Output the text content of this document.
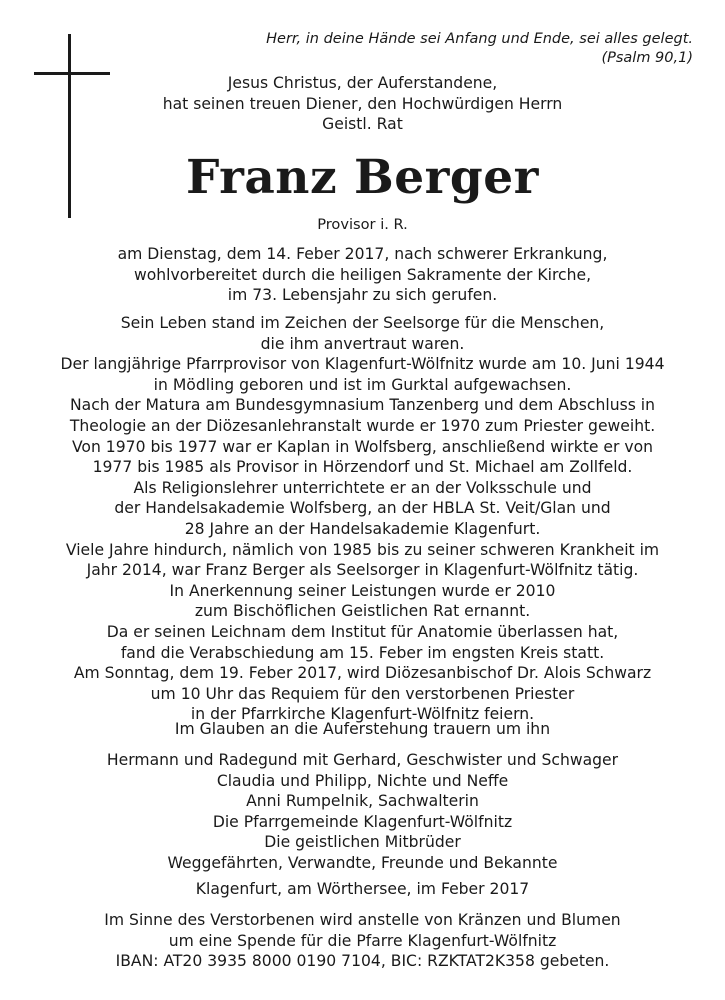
Herr, in deine Hände sei Anfang und Ende, sei alles gelegt.
(Psalm 90,1)
Jesus Christus, der Auferstandene,
hat seinen treuen Diener, den Hochwürdigen Herrn
Geistl. Rat
Franz Berger
Provisor i. R.
am Dienstag, dem 14. Feber 2017, nach schwerer Erkrankung,
wohlvorbereitet durch die heiligen Sakramente der Kirche,
im 73. Lebensjahr zu sich gerufen.
Sein Leben stand im Zeichen der Seelsorge für die Menschen,
die ihm anvertraut waren.
Der langjährige Pfarrprovisor von Klagenfurt-Wölfnitz wurde am 10. Juni 1944
in Mödling geboren und ist im Gurktal aufgewachsen.
Nach der Matura am Bundesgymnasium Tanzenberg und dem Abschluss in
Theologie an der Diözesanlehranstalt wurde er 1970 zum Priester geweiht.
Von 1970 bis 1977 war er Kaplan in Wolfsberg, anschließend wirkte er von
1977 bis 1985 als Provisor in Hörzendorf und St. Michael am Zollfeld.
Als Religionslehrer unterrichtete er an der Volksschule und
der Handelsakademie Wolfsberg, an der HBLA St. Veit/Glan und
28 Jahre an der Handelsakademie Klagenfurt.
Viele Jahre hindurch, nämlich von 1985 bis zu seiner schweren Krankheit im
Jahr 2014, war Franz Berger als Seelsorger in Klagenfurt-Wölfnitz tätig.
In Anerkennung seiner Leistungen wurde er 2010
zum Bischöflichen Geistlichen Rat ernannt.
Da er seinen Leichnam dem Institut für Anatomie überlassen hat,
fand die Verabschiedung am 15. Feber im engsten Kreis statt.
Am Sonntag, dem 19. Feber 2017, wird Diözesanbischof Dr. Alois Schwarz
um 10 Uhr das Requiem für den verstorbenen Priester
in der Pfarrkirche Klagenfurt-Wölfnitz feiern.
Im Glauben an die Auferstehung trauern um ihn
Hermann und Radegund mit Gerhard, Geschwister und Schwager
Claudia und Philipp, Nichte und Neffe
Anni Rumpelnik, Sachwalterin
Die Pfarrgemeinde Klagenfurt-Wölfnitz
Die geistlichen Mitbrüder
Weggefährten, Verwandte, Freunde und Bekannte
Klagenfurt, am Wörthersee, im Feber 2017
Im Sinne des Verstorbenen wird anstelle von Kränzen und Blumen
um eine Spende für die Pfarre Klagenfurt-Wölfnitz
IBAN: AT20 3935 8000 0190 7104, BIC: RZKTAT2K358 gebeten.
